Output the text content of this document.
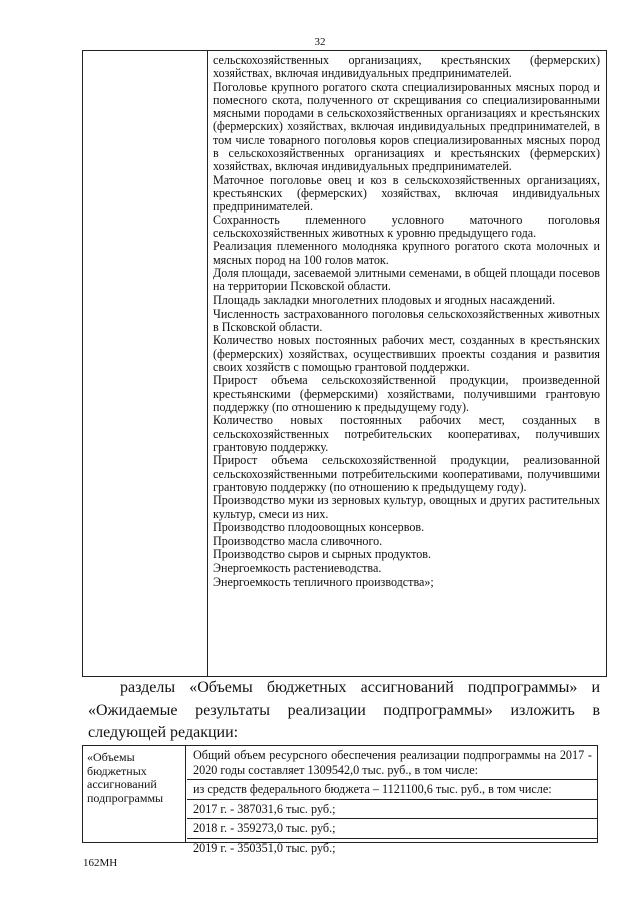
32

сельскохозяйственных организациях, крестьянских (фермерских) хозяйствах, включая индивидуальных предпринимателей.

Поголовье крупного рогатого скота специализированных мясных пород и помесного скота, полученного от скрещивания со специализированными мясными породами в сельскохозяйственных организациях и крестьянских (фермерских) хозяйствах, включая индивидуальных предпринимателей, в том числе товарного поголовья коров специализированных мясных пород в сельскохозяйственных организациях и крестьянских (фермерских) хозяйствах, включая индивидуальных предпринимателей.

Маточное поголовье овец и коз в сельскохозяйственных организациях, крестьянских (фермерских) хозяйствах, включая индивидуальных предпринимателей.

Сохранность племенного условного маточного поголовья сельскохозяйственных животных к уровню предыдущего года.

Реализация племенного молодняка крупного рогатого скота молочных и мясных пород на 100 голов маток.

Доля площади, засеваемой элитными семенами, в общей площади посевов на территории Псковской области.

Площадь закладки многолетних плодовых и ягодных насаждений.

Численность застрахованного поголовья сельскохозяйственных животных в Псковской области.

Количество новых постоянных рабочих мест, созданных в крестьянских (фермерских) хозяйствах, осуществивших проекты создания и развития своих хозяйств с помощью грантовой поддержки.

Прирост объема сельскохозяйственной продукции, произведенной крестьянскими (фермерскими) хозяйствами, получившими грантовую поддержку (по отношению к предыдущему году).

Количество новых постоянных рабочих мест, созданных в сельскохозяйственных потребительских кооперативах, получивших грантовую поддержку.

Прирост объема сельскохозяйственной продукции, реализованной сельскохозяйственными потребительскими кооперативами, получившими грантовую поддержку (по отношению к предыдущему году).

Производство муки из зерновых культур, овощных и других растительных культур, смеси из них.

Производство плодоовощных консервов.

Производство масла сливочного.

Производство сыров и сырных продуктов.

Энергоемкость растениеводства.

Энергоемкость тепличного производства»;

разделы «Объемы бюджетных ассигнований подпрограммы» и
«Ожидаемые результаты реализации подпрограммы» изложить в
следующей редакции:
«Объемы бюджетных ассигнований подпрограммы
Общий объем ресурсного обеспечения реализации подпрограммы на 2017 - 2020 годы составляет 1309542,0 тыс. руб., в том числе:
из средств федерального бюджета – 1121100,6 тыс. руб., в том числе:
2017 г. - 387031,6 тыс. руб.;
2018 г. - 359273,0 тыс. руб.;
2019 г. - 350351,0 тыс. руб.;
162МН
